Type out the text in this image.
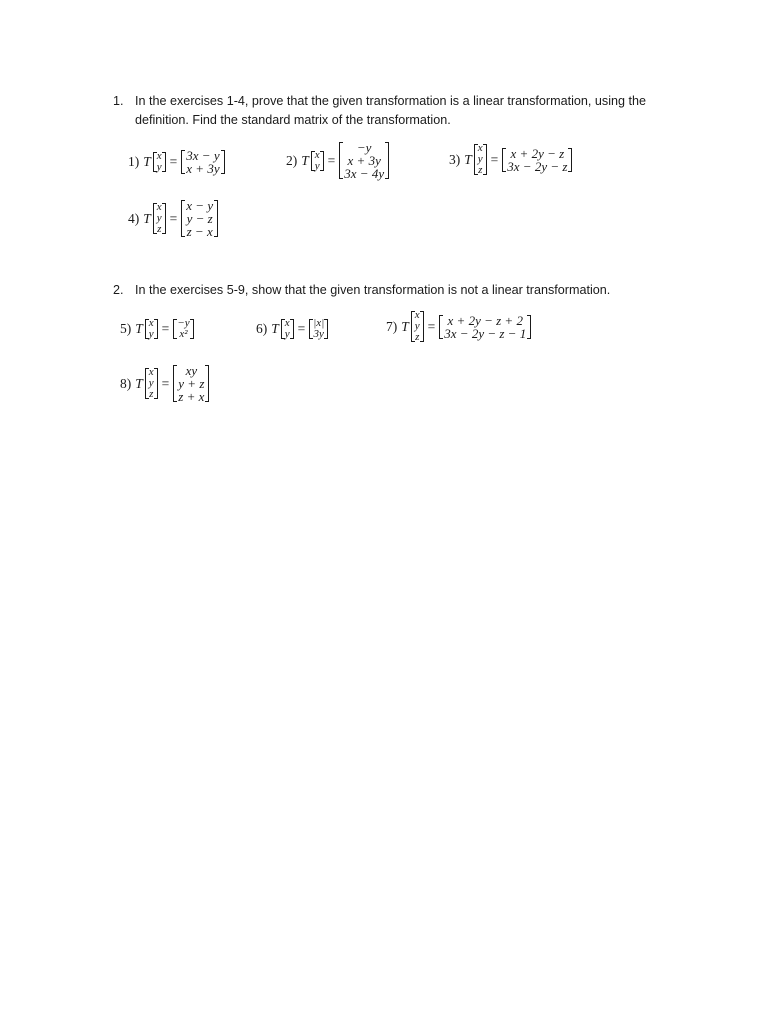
1. In the exercises 1-4, prove that the given transformation is a linear transformation, using the definition. Find the standard matrix of the transformation.
1) T x
y = 3x − y
x + 3y
2) T x
y =
−y
x + 3y
3x − 4y
3) T
x
y
z
= x + 2y − z
3x − 2y − z
4) T
x
y
z
=
x − y
y − z
z − x
2. In the exercises 5-9, show that the given transformation is not a linear transformation.
5) T x
y = −y
x²	6) T x
y = |x|
3y
7) T
x
y
z
= x + 2y − z + 2
3x − 2y − z − 1
8) T
x
y
z
=
xy
y + z
z + x
